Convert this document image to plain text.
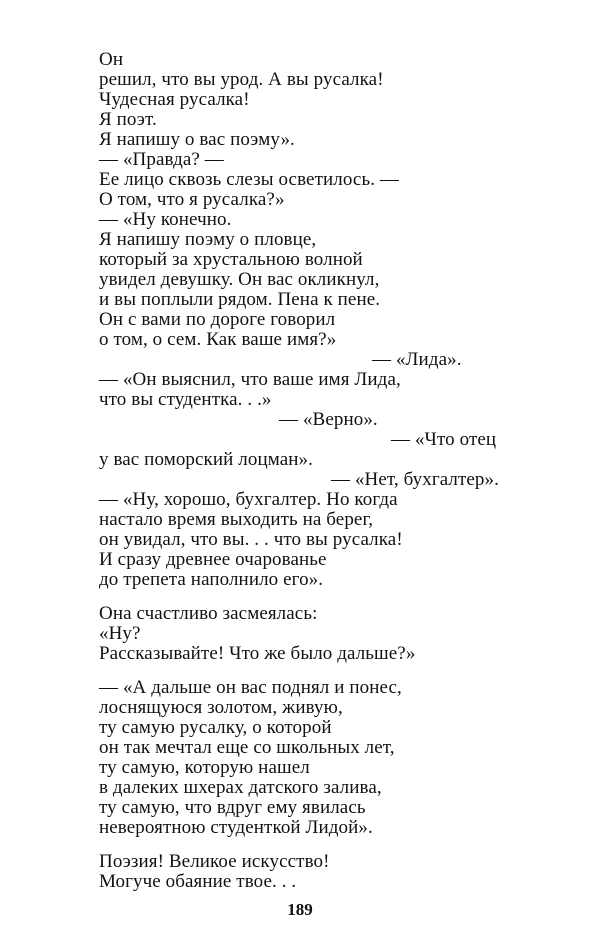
Он
решил, что вы урод. А вы русалка!
Чудесная русалка!
Я поэт.
Я напишу о вас поэму».
— «Правда? —
Ее лицо сквозь слезы осветилось. —
О том, что я русалка?»
— «Ну конечно.
Я напишу поэму о пловце,
который за хрустальною волной
увидел девушку. Он вас окликнул,
и вы поплыли рядом. Пена к пене.
Он с вами по дороге говорил
о том, о сем. Как ваше имя?»
— «Лида».
— «Он выяснил, что ваше имя Лида,
что вы студентка. . .»
— «Верно».
— «Что отец
у вас поморский лоцман».
— «Нет, бухгалтер».
— «Ну, хорошо, бухгалтер. Но когда
настало время выходить на берег,
он увидал, что вы. . . что вы русалка!
И сразу древнее очарованье
до трепета наполнило его».
Она счастливо засмеялась:
«Ну?
Рассказывайте! Что же было дальше?»
— «А дальше он вас поднял и понес,
лоснящуюся золотом, живую,
ту самую русалку, о которой
он так мечтал еще со школьных лет,
ту самую, которую нашел
в далеких шхерах датского залива,
ту самую, что вдруг ему явилась
невероятною студенткой Лидой».
Поэзия! Великое искусство!
Могуче обаяние твое. . .
189
